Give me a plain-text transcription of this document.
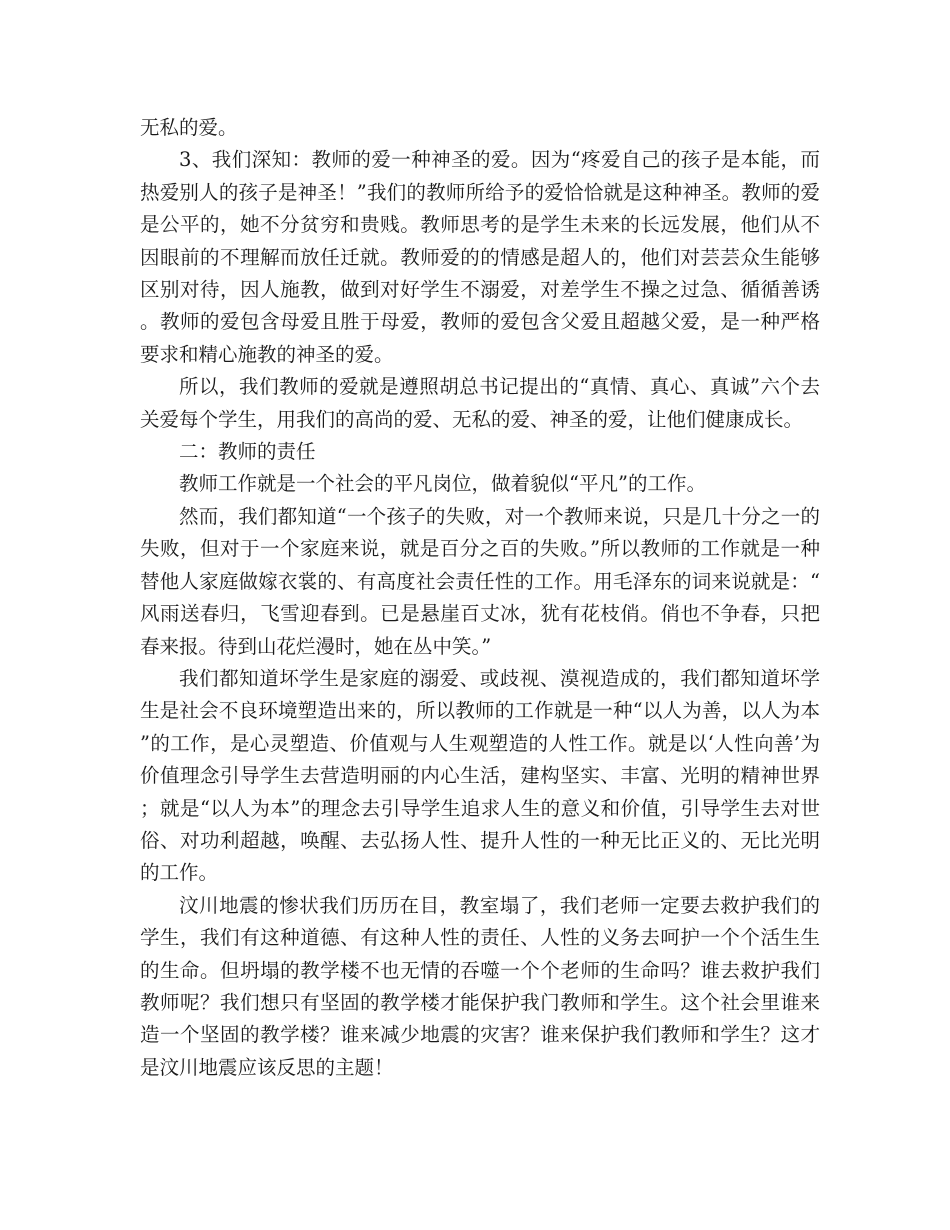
无私的爱。

3、我们深知：教师的爱一种神圣的爱。因为“疼爱自己的孩子是本能，而热爱别人的孩子是神圣！”我们的教师所给予的爱恰恰就是这种神圣。教师的爱是公平的，她不分贫穷和贵贱。教师思考的是学生未来的长远发展，他们从不因眼前的不理解而放任迁就。教师爱的的情感是超人的，他们对芸芸众生能够区别对待，因人施教，做到对好学生不溺爱，对差学生不操之过急、循循善诱。教师的爱包含母爱且胜于母爱，教师的爱包含父爱且超越父爱，是一种严格要求和精心施教的神圣的爱。

所以，我们教师的爱就是遵照胡总书记提出的“真情、真心、真诚”六个去关爱每个学生，用我们的高尚的爱、无私的爱、神圣的爱，让他们健康成长。

二：教师的责任

教师工作就是一个社会的平凡岗位，做着貌似“平凡”的工作。

然而，我们都知道“一个孩子的失败，对一个教师来说，只是几十分之一的失败，但对于一个家庭来说，就是百分之百的失败。”所以教师的工作就是一种替他人家庭做嫁衣裳的、有高度社会责任性的工作。用毛泽东的词来说就是：“风雨送春归，飞雪迎春到。已是悬崖百丈冰，犹有花枝俏。俏也不争春，只把春来报。待到山花烂漫时，她在丛中笑。”

我们都知道坏学生是家庭的溺爱、或歧视、漠视造成的，我们都知道坏学生是社会不良环境塑造出来的，所以教师的工作就是一种“以人为善，以人为本”的工作，是心灵塑造、价值观与人生观塑造的人性工作。就是以‘人性向善’为价值理念引导学生去营造明丽的内心生活，建构坚实、丰富、光明的精神世界；就是“以人为本”的理念去引导学生追求人生的意义和价值，引导学生去对世俗、对功利超越，唤醒、去弘扬人性、提升人性的一种无比正义的、无比光明的工作。

汶川地震的惨状我们历历在目，教室塌了，我们老师一定要去救护我们的学生，我们有这种道德、有这种人性的责任、人性的义务去呵护一个个活生生的生命。但坍塌的教学楼不也无情的吞噬一个个老师的生命吗？谁去救护我们教师呢？我们想只有坚固的教学楼才能保护我门教师和学生。这个社会里谁来造一个坚固的教学楼？谁来减少地震的灾害？谁来保护我们教师和学生？这才是汶川地震应该反思的主题！
